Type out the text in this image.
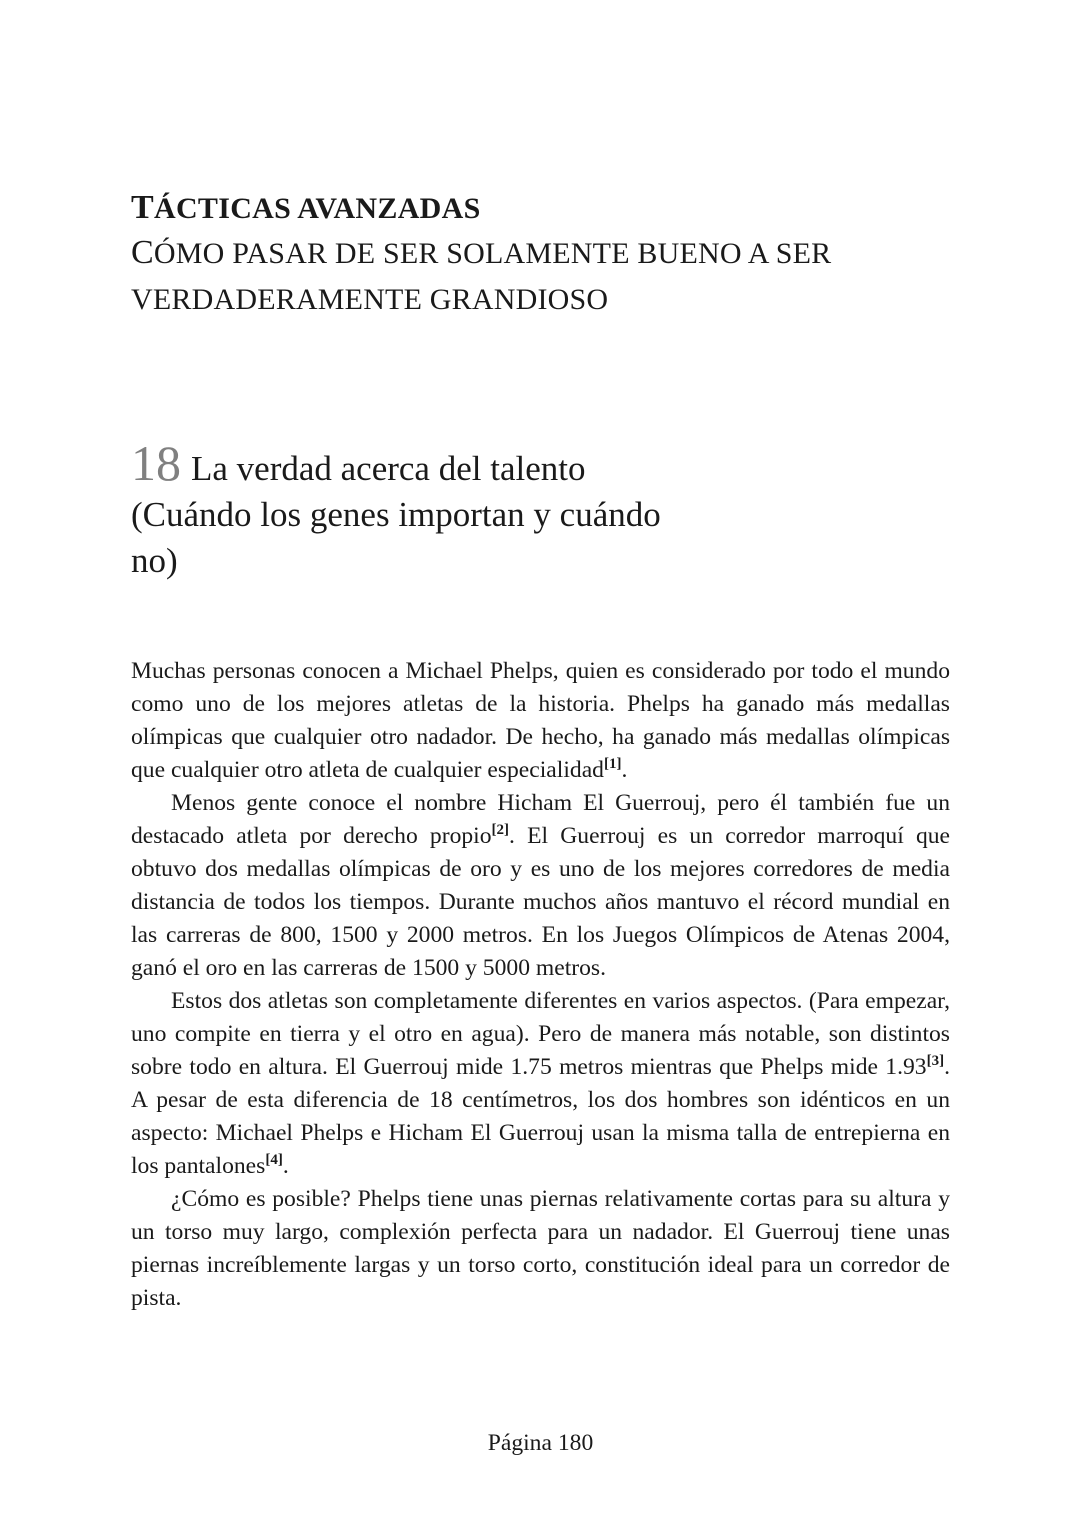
TÁCTICAS AVANZADAS
CÓMO PASAR DE SER SOLAMENTE BUENO A SER VERDADERAMENTE GRANDIOSO
18 La verdad acerca del talento (Cuándo los genes importan y cuándo no)

Muchas personas conocen a Michael Phelps, quien es considerado por todo el mundo como uno de los mejores atletas de la historia. Phelps ha ganado más medallas olímpicas que cualquier otro nadador. De hecho, ha ganado más medallas olímpicas que cualquier otro atleta de cualquier especialidad[1].

Menos gente conoce el nombre Hicham El Guerrouj, pero él también fue un destacado atleta por derecho propio[2]. El Guerrouj es un corredor marroquí que obtuvo dos medallas olímpicas de oro y es uno de los mejores corredores de media distancia de todos los tiempos. Durante muchos años mantuvo el récord mundial en las carreras de 800, 1500 y 2000 metros. En los Juegos Olímpicos de Atenas 2004, ganó el oro en las carreras de 1500 y 5000 metros.

Estos dos atletas son completamente diferentes en varios aspectos. (Para empezar, uno compite en tierra y el otro en agua). Pero de manera más notable, son distintos sobre todo en altura. El Guerrouj mide 1.75 metros mientras que Phelps mide 1.93[3]. A pesar de esta diferencia de 18 centímetros, los dos hombres son idénticos en un aspecto: Michael Phelps e Hicham El Guerrouj usan la misma talla de entrepierna en los pantalones[4].

¿Cómo es posible? Phelps tiene unas piernas relativamente cortas para su altura y un torso muy largo, complexión perfecta para un nadador. El Guerrouj tiene unas piernas increíblemente largas y un torso corto, constitución ideal para un corredor de pista.

Página 180
